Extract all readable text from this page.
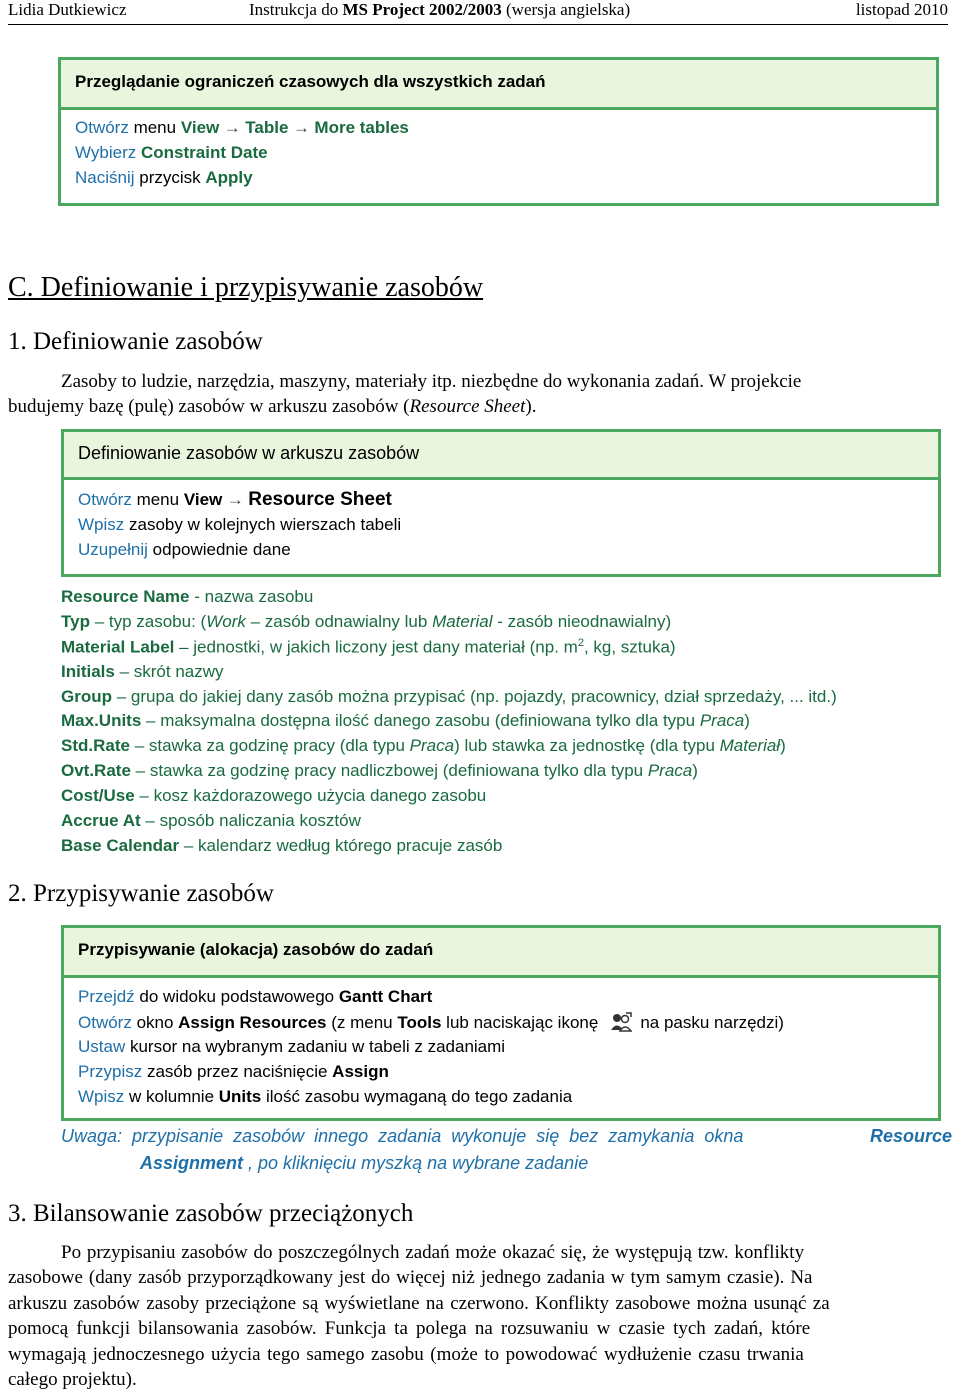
Lidia Dutkiewicz	Instrukcja do MS Project 2002/2003 (wersja angielska)	listopad 2010
Przeglądanie ograniczeń czasowych dla wszystkich zadań
Otwórz menu View → Table → More tables
Wybierz Constraint Date
Naciśnij przycisk Apply
C. Definiowanie i przypisywanie zasobów
1. Definiowanie zasobów
Zasoby to ludzie, narzędzia, maszyny, materiały itp. niezbędne do wykonania zadań. W projekcie
budujemy bazę (pulę) zasobów w arkuszu zasobów (Resource Sheet).
Definiowanie zasobów w arkuszu zasobów
Otwórz menu View → Resource Sheet
Wpisz zasoby w kolejnych wierszach tabeli
Uzupełnij odpowiednie dane
Resource Name - nazwa zasobu
Typ – typ zasobu: (Work – zasób odnawialny lub Material - zasób nieodnawialny)
Material Label – jednostki, w jakich liczony jest dany materiał (np. $m^2$, kg, sztuka)
Initials – skrót nazwy
Group – grupa do jakiej dany zasób można przypisać (np. pojazdy, pracownicy, dział sprzedaży, ... itd.)
Max.Units – maksymalna dostępna ilość danego zasobu (definiowana tylko dla typu Praca)
Std.Rate – stawka za godzinę pracy (dla typu Praca) lub stawka za jednostkę (dla typu Materiał)
Ovt.Rate – stawka za godzinę pracy nadliczbowej (definiowana tylko dla typu Praca)
Cost/Use – kosz każdorazowego użycia danego zasobu
Accrue At – sposób naliczania kosztów
Base Calendar – kalendarz według którego pracuje zasób
2. Przypisywanie zasobów
Przypisywanie (alokacja) zasobów do zadań
Przejdź do widoku podstawowego Gantt Chart
Otwórz okno Assign Resources (z menu Tools lub naciskając ikonę na pasku narzędzi)
Ustaw kursor na wybranym zadaniu w tabeli z zadaniami
Przypisz zasób przez naciśnięcie Assign
Wpisz w kolumnie Units ilość zasobu wymaganą do tego zadania
Uwaga: przypisanie zasobów innego zadania wykonuje się bez zamykania okna	Resource
Assignment , po kliknięciu myszką na wybrane zadanie
3. Bilansowanie zasobów przeciążonych
Po przypisaniu zasobów do poszczególnych zadań może okazać się, że występują tzw. konflikty
zasobowe (dany zasób przyporządkowany jest do więcej niż jednego zadania w tym samym czasie). Na
arkuszu zasobów zasoby przeciążone są wyświetlane na czerwono. Konflikty zasobowe można usunąć za
pomocą funkcji bilansowania zasobów. Funkcja ta polega na rozsuwaniu w czasie tych zadań, które
wymagają jednoczesnego użycia tego samego zasobu (może to powodować wydłużenie czasu trwania
całego projektu).
